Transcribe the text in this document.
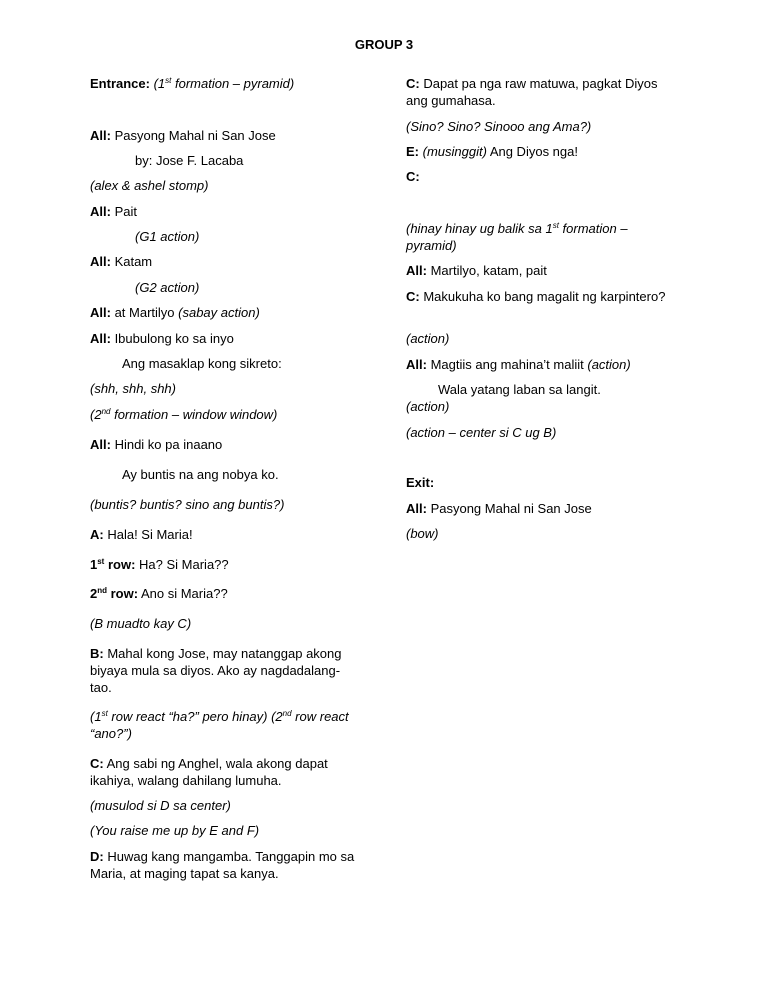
GROUP 3
Entrance: (1st formation – pyramid)
All: Pasyong Mahal ni San Jose
by: Jose F. Lacaba
(alex & ashel stomp)
All: Pait
(G1 action)
All: Katam
(G2 action)
All: at Martilyo (sabay action)
All: Ibubulong ko sa inyo
Ang masaklap kong sikreto:
(shh, shh, shh)
(2nd formation – window window)
All: Hindi ko pa inaano
Ay buntis na ang nobya ko.
(buntis? buntis? sino ang buntis?)
A: Hala! Si Maria!
1st row: Ha? Si Maria??
2nd row: Ano si Maria??
(B muadto kay C)
B: Mahal kong Jose, may natanggap akong biyaya mula sa diyos. Ako ay nagdadalang-tao.
(1st row react “ha?” pero hinay) (2nd row react “ano?”)
C: Ang sabi ng Anghel, wala akong dapat ikahiya, walang dahilang lumuha.
(musulod si D sa center)
(You raise me up by E and F)
D: Huwag kang mangamba. Tanggapin mo sa Maria, at maging tapat sa kanya.
C: Dapat pa nga raw matuwa, pagkat Diyos ang gumahasa.
(Sino? Sino? Sinooo ang Ama?)
E: (musinggit) Ang Diyos nga!
C:
(hinay hinay ug balik sa 1st formation – pyramid)
All: Martilyo, katam, pait
C: Makukuha ko bang magalit ng karpintero?
(action)
All: Magtiis ang mahina’t maliit (action)
Wala yatang laban sa langit.
(action)
(action – center si C ug B)
Exit:
All: Pasyong Mahal ni San Jose
(bow)
